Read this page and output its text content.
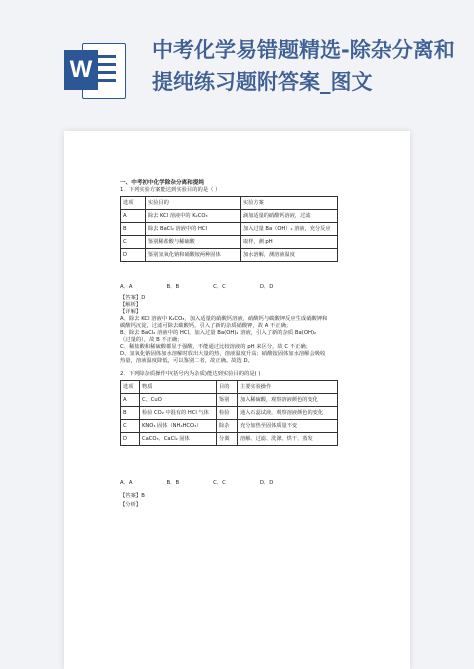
W
中考化学易错题精选-除杂分离和提纯练习题附答案_图文
一、中考初中化学除杂分离和提纯
1．下列实验方案能达到实验目的的是（ ）
选项	实验目的	实验方案
A	除去 KCl 溶液中的 K₂CO₃	滴加适量的硝酸钙溶液，过滤
B	除去 BaCl₂ 溶液中的 HCl	加入过量 Ba（OH）₂ 溶液，充分反应
C	鉴别稀盐酸与稀硫酸	取样，测 pH
D	鉴别氢氧化钠和硝酸铵两种固体	加水溶解，测溶液温度
A．A	B．B	C．C	D．D
【答案】D
【解析】
【详解】
A、除去 KCl 溶液中 K₂CO₃，加入适量的硝酸钙溶液，硝酸钙与碳酸钾反应生成硝酸钾和
碳酸钙沉淀，过滤可除去碳酸钙，引入了新的杂质硝酸钾，故 A 不正确；
B、除去 BaCl₂ 溶液中的 HCl，加入过量 Ba(OH)₂ 溶液，引入了新的杂质 Ba(OH)₂
（过量的），故 B 不正确；
C、稀盐酸和稀硫酸都显于强酸，不能通过比较溶液的 pH 来区分，故 C 不正确；
D、氢氧化钠固体加水溶解时放出大量的热，溶液温度升高；硝酸铵固体加水溶解会吸收
热量，溶液温度降低，可以鉴别二者，故正确。故选 D。
2．下列除杂质操作中(括号内为杂质)能达到实验目的的是( )
选项	物质	目的	主要实验操作
A	C、CuO	鉴别	加入稀硫酸，观察溶液颜色的变化
B	检验 CO₂ 中混有的 HCl 气体	检验	通入石蕊试液，观察溶液颜色的变化
C	KNO₃ 固体（NH₄HCO₃）	除杂	充分加热至固体质量不变
D	CaCO₃、CaCl₂ 固体	分离	溶解、过滤、洗涤、烘干、蒸发
A．A	B．B	C．C	D．D
【答案】B
【分析】
